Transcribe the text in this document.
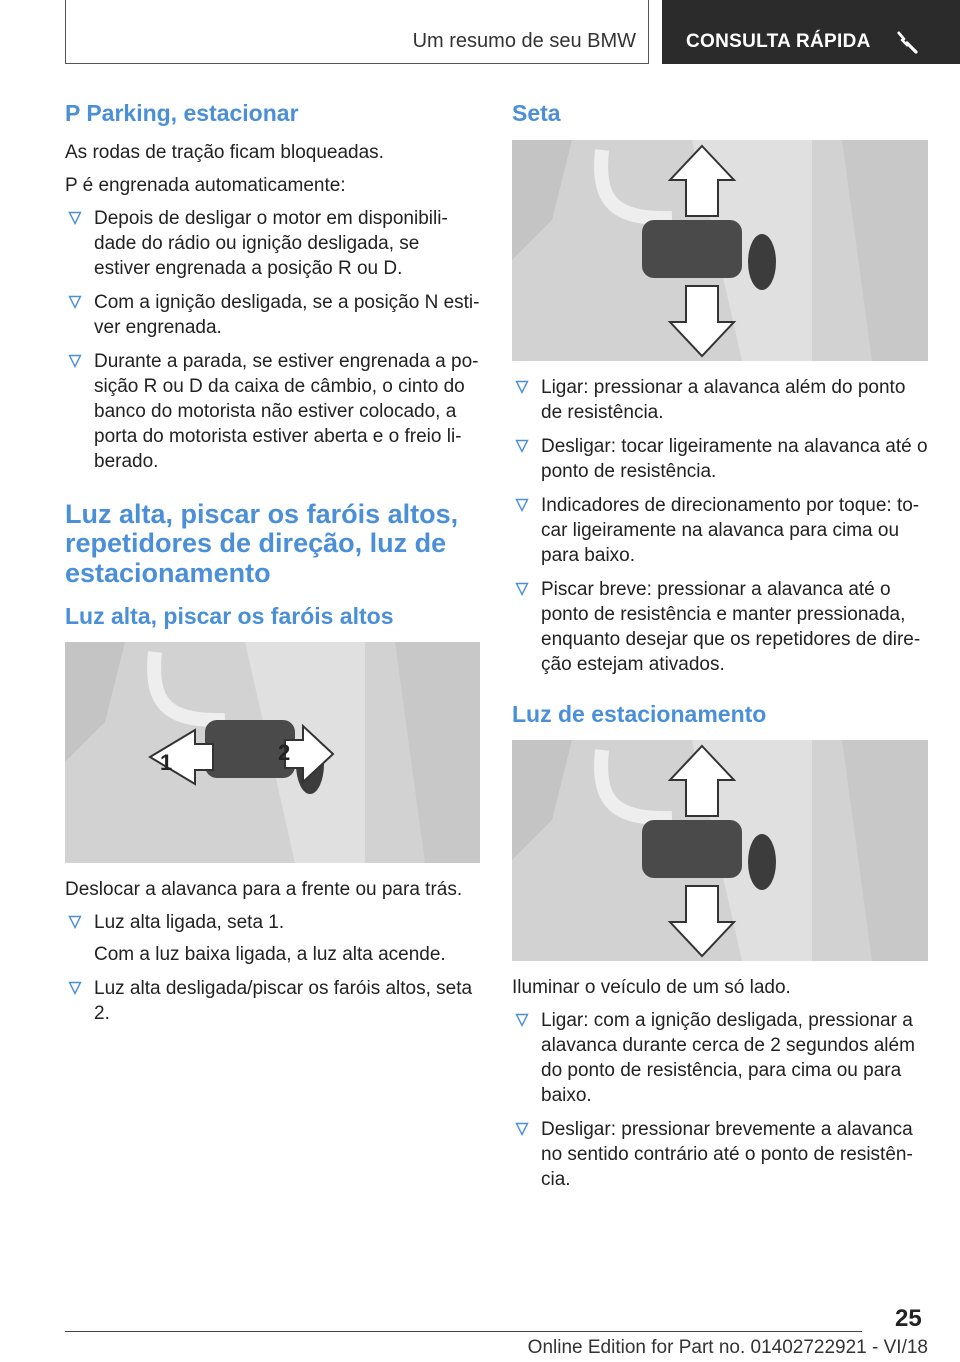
Um resumo de seu BMW	CONSULTA RÁPIDA
P Parking, estacionar

As rodas de tração ficam bloqueadas.

P é engrenada automaticamente:

Depois de desligar o motor em disponibili-dade do rádio ou ignição desligada, se estiver engrenada a posição R ou D.
Com a ignição desligada, se a posição N esti-ver engrenada.
Durante a parada, se estiver engrenada a po-sição R ou D da caixa de câmbio, o cinto do banco do motorista não estiver colocado, a porta do motorista estiver aberta e o freio li-berado.
Luz alta, piscar os faróis altos, repetidores de direção, luz de estacionamento
Luz alta, piscar os faróis altos
1	2

Deslocar a alavanca para a frente ou para trás.

Luz alta ligada, seta 1.
Com a luz baixa ligada, a luz alta acende.
Luz alta desligada/piscar os faróis altos, seta 2.
Seta
Ligar: pressionar a alavanca além do ponto de resistência.
Desligar: tocar ligeiramente na alavanca até o ponto de resistência.
Indicadores de direcionamento por toque: to-car ligeiramente na alavanca para cima ou para baixo.
Piscar breve: pressionar a alavanca até o ponto de resistência e manter pressionada, enquanto desejar que os repetidores de dire-ção estejam ativados.
Luz de estacionamento

Iluminar o veículo de um só lado.

Ligar: com a ignição desligada, pressionar a alavanca durante cerca de 2 segundos além do ponto de resistência, para cima ou para baixo.
Desligar: pressionar brevemente a alavanca no sentido contrário até o ponto de resistên-cia.
25
Online Edition for Part no. 01402722921 - VI/18
